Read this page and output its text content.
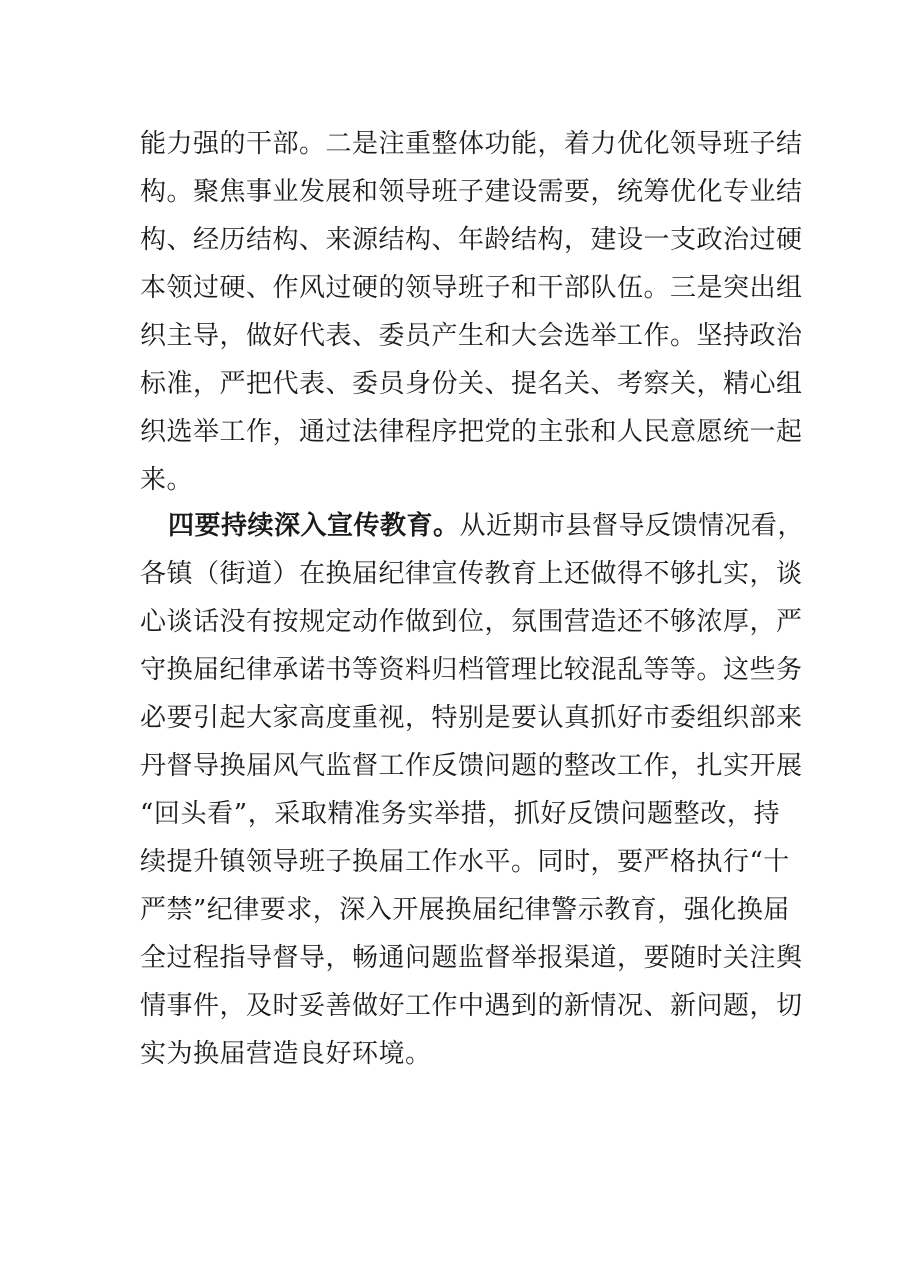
能力强的干部。二是注重整体功能，着力优化领导班子结
构。聚焦事业发展和领导班子建设需要，统筹优化专业结
构、经历结构、来源结构、年龄结构，建设一支政治过硬
本领过硬、作风过硬的领导班子和干部队伍。三是突出组
织主导，做好代表、委员产生和大会选举工作。坚持政治
标准，严把代表、委员身份关、提名关、考察关，精心组
织选举工作，通过法律程序把党的主张和人民意愿统一起
来。
四要持续深入宣传教育。从近期市县督导反馈情况看，
各镇（街道）在换届纪律宣传教育上还做得不够扎实，谈
心谈话没有按规定动作做到位，氛围营造还不够浓厚，严
守换届纪律承诺书等资料归档管理比较混乱等等。这些务
必要引起大家高度重视，特别是要认真抓好市委组织部来
丹督导换届风气监督工作反馈问题的整改工作，扎实开展
“回头看”，采取精准务实举措，抓好反馈问题整改，持
续提升镇领导班子换届工作水平。同时，要严格执行“十
严禁”纪律要求，深入开展换届纪律警示教育，强化换届
全过程指导督导，畅通问题监督举报渠道，要随时关注舆
情事件，及时妥善做好工作中遇到的新情况、新问题，切
实为换届营造良好环境。
